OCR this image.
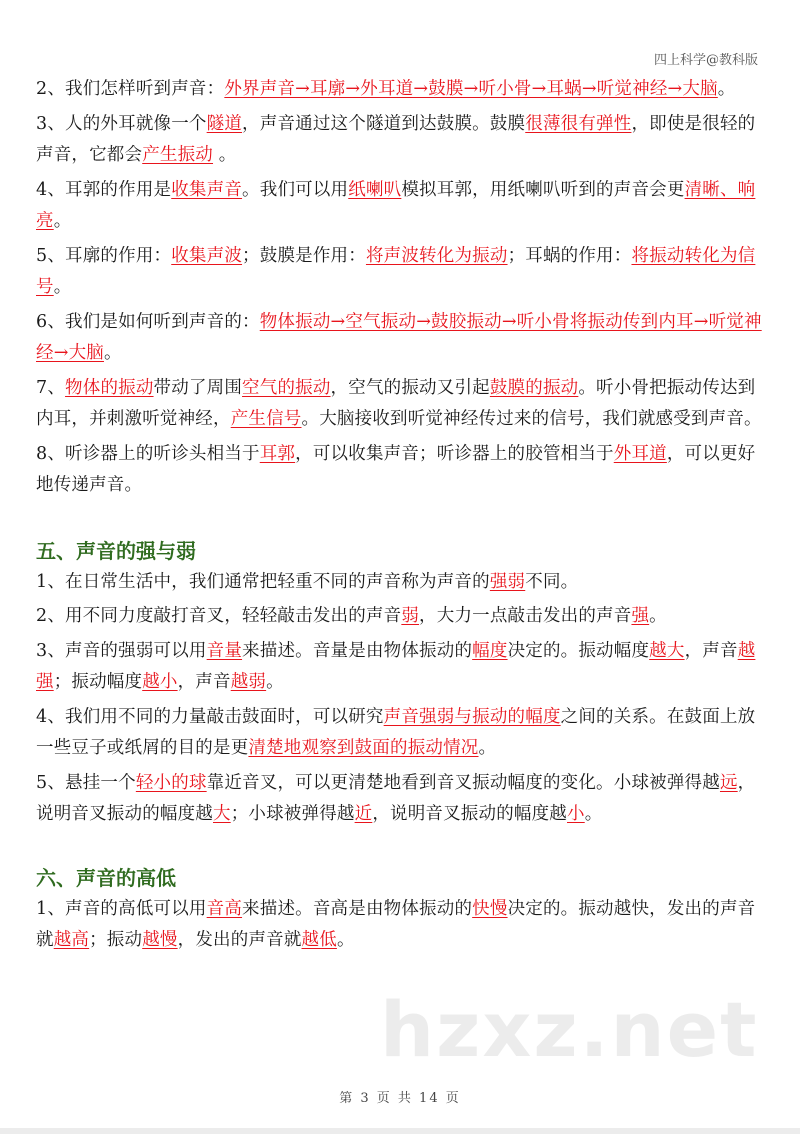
四上科学@教科版

2、我们怎样听到声音：外界声音→耳廓→外耳道→鼓膜→听小骨→耳蜗→听觉神经→大脑。

3、人的外耳就像一个隧道，声音通过这个隧道到达鼓膜。鼓膜很薄很有弹性，即使是很轻的声音，它都会产生振动 。

4、耳郭的作用是收集声音。我们可以用纸喇叭模拟耳郭，用纸喇叭听到的声音会更清晰、响亮。

5、耳廓的作用：收集声波；鼓膜是作用：将声波转化为振动；耳蜗的作用：将振动转化为信号。

6、我们是如何听到声音的：物体振动→空气振动→鼓胶振动→听小骨将振动传到内耳→听觉神经→大脑。

7、物体的振动带动了周围空气的振动，空气的振动又引起鼓膜的振动。听小骨把振动传达到内耳，并刺激听觉神经，产生信号。大脑接收到听觉神经传过来的信号，我们就感受到声音。

8、听诊器上的听诊头相当于耳郭，可以收集声音；听诊器上的胶管相当于外耳道，可以更好地传递声音。

五、声音的强与弱

1、在日常生活中，我们通常把轻重不同的声音称为声音的强弱不同。

2、用不同力度敲打音叉，轻轻敲击发出的声音弱，大力一点敲击发出的声音强。

3、声音的强弱可以用音量来描述。音量是由物体振动的幅度决定的。振动幅度越大，声音越强；振动幅度越小，声音越弱。

4、我们用不同的力量敲击鼓面时，可以研究声音强弱与振动的幅度之间的关系。在鼓面上放一些豆子或纸屑的目的是更清楚地观察到鼓面的振动情况。

5、悬挂一个轻小的球靠近音叉，可以更清楚地看到音叉振动幅度的变化。小球被弹得越远，说明音叉振动的幅度越大；小球被弹得越近，说明音叉振动的幅度越小。

六、声音的高低

1、声音的高低可以用音高来描述。音高是由物体振动的快慢决定的。振动越快，发出的声音就越高；振动越慢，发出的声音就越低。

hzxz.net
第 3 页 共 14 页
